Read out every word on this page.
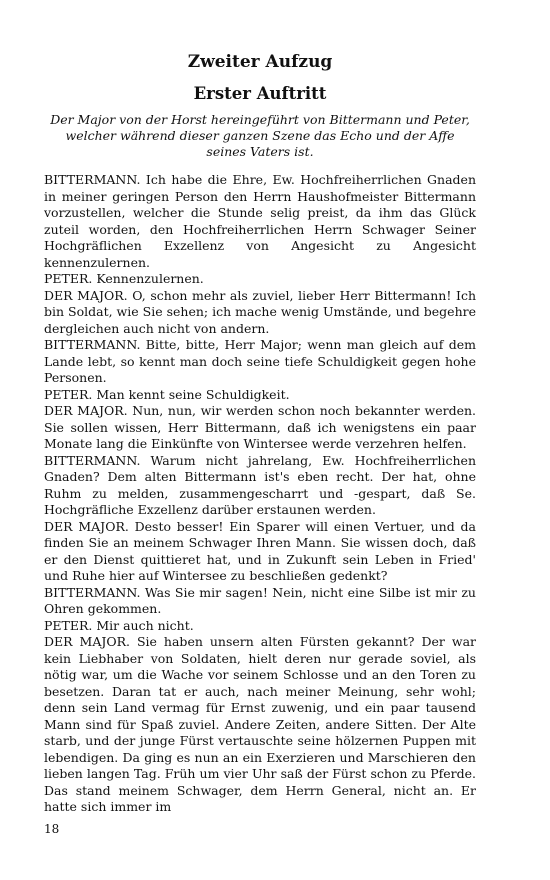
Zweiter Aufzug
Erster Auftritt

Der Major von der Horst hereingeführt von Bittermann und Peter, welcher während dieser ganzen Szene das Echo und der Affe seines Vaters ist.

BITTERMANN. Ich habe die Ehre, Ew. Hochfreiherrlichen Gnaden in meiner geringen Person den Herrn Haushofmeister Bittermann vorzustellen, welcher die Stunde selig preist, da ihm das Glück zuteil worden, den Hochfreiherrlichen Herrn Schwager Seiner Hochgräflichen Exzellenz von Angesicht zu Angesicht kennenzulernen.

PETER. Kennenzulernen.

DER MAJOR. O, schon mehr als zuviel, lieber Herr Bittermann! Ich bin Soldat, wie Sie sehen; ich mache wenig Umstände, und begehre dergleichen auch nicht von andern.

BITTERMANN. Bitte, bitte, Herr Major; wenn man gleich auf dem Lande lebt, so kennt man doch seine tiefe Schuldigkeit gegen hohe Personen.

PETER. Man kennt seine Schuldigkeit.

DER MAJOR. Nun, nun, wir werden schon noch bekannter werden. Sie sollen wissen, Herr Bittermann, daß ich wenigstens ein paar Monate lang die Einkünfte von Wintersee werde verzehren helfen.

BITTERMANN. Warum nicht jahrelang, Ew. Hochfreiherrlichen Gnaden? Dem alten Bittermann ist's eben recht. Der hat, ohne Ruhm zu melden, zusammengescharrt und -gespart, daß Se. Hochgräfliche Exzellenz darüber erstaunen werden.

DER MAJOR. Desto besser! Ein Sparer will einen Vertuer, und da finden Sie an meinem Schwager Ihren Mann. Sie wissen doch, daß er den Dienst quittieret hat, und in Zukunft sein Leben in Fried' und Ruhe hier auf Wintersee zu beschließen gedenkt?

BITTERMANN. Was Sie mir sagen! Nein, nicht eine Silbe ist mir zu Ohren gekommen.

PETER. Mir auch nicht.

DER MAJOR. Sie haben unsern alten Fürsten gekannt? Der war kein Liebhaber von Soldaten, hielt deren nur gerade soviel, als nötig war, um die Wache vor seinem Schlosse und an den Toren zu besetzen. Daran tat er auch, nach meiner Meinung, sehr wohl; denn sein Land vermag für Ernst zuwenig, und ein paar tausend Mann sind für Spaß zuviel. Andere Zeiten, andere Sitten. Der Alte starb, und der junge Fürst vertauschte seine hölzernen Puppen mit lebendigen. Da ging es nun an ein Exerzieren und Marschieren den lieben langen Tag. Früh um vier Uhr saß der Fürst schon zu Pferde. Das stand meinem Schwager, dem Herrn General, nicht an. Er hatte sich immer im

18
